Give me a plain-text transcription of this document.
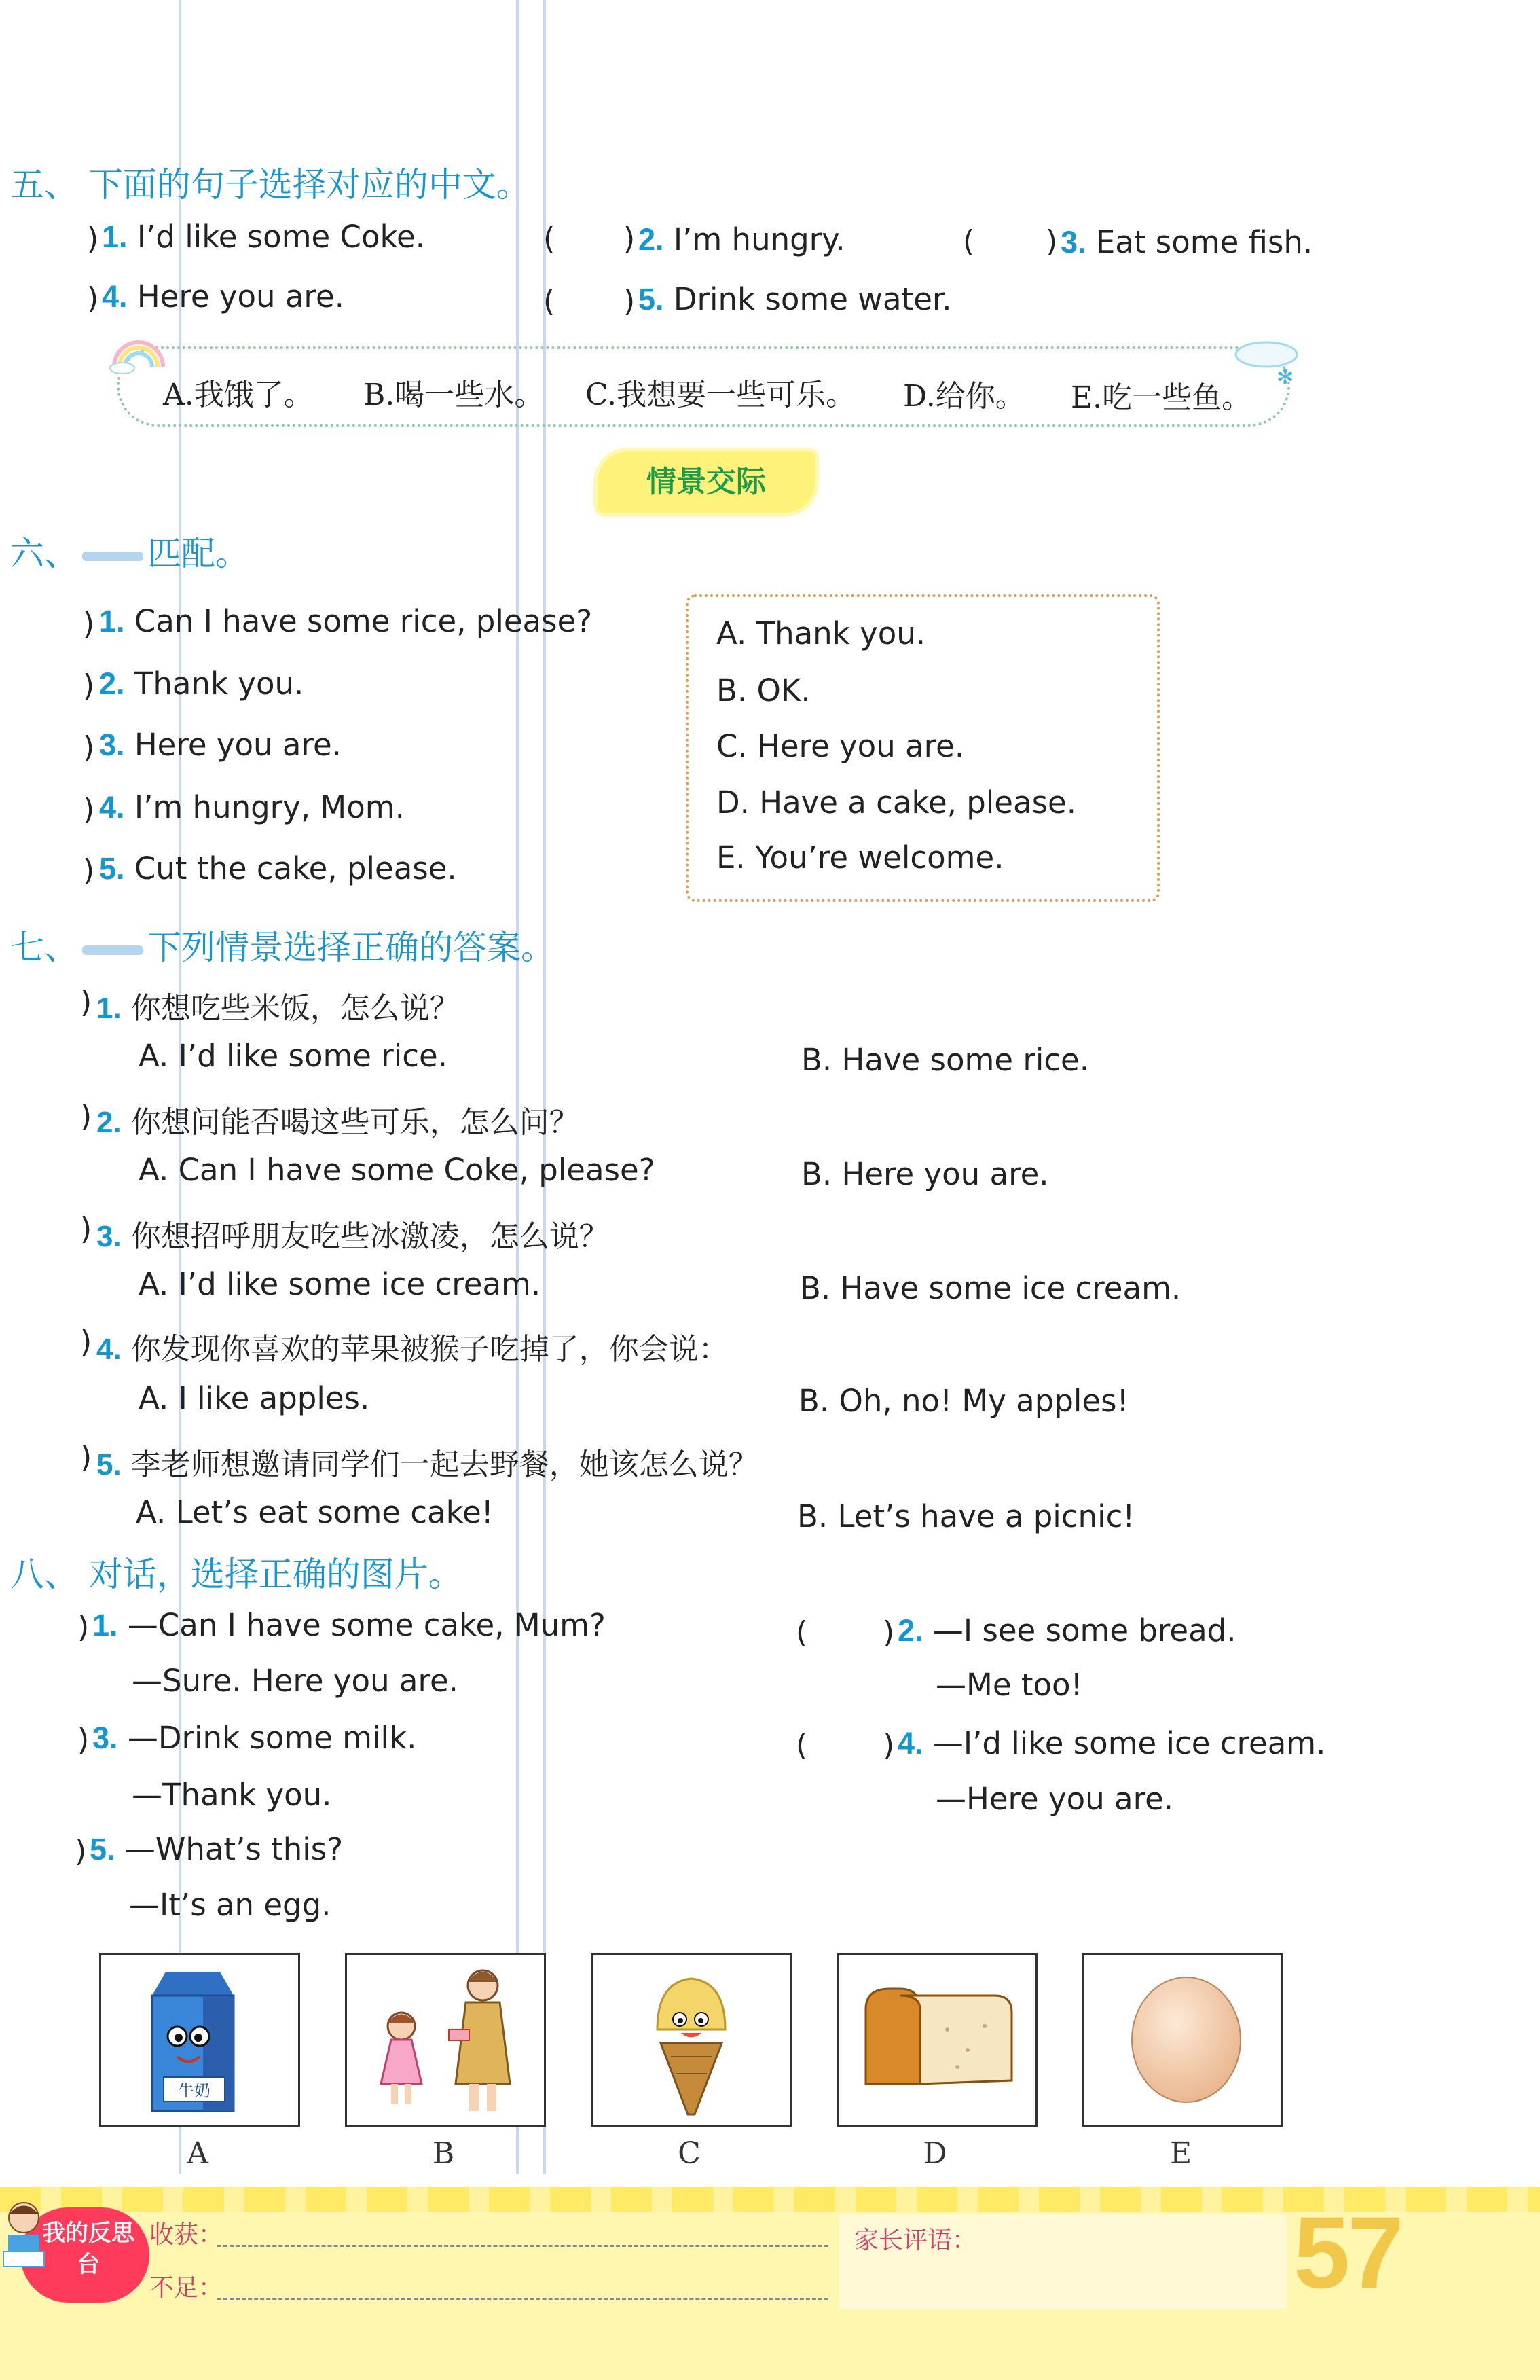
五、 下面的句子选择对应的中文。
) 1. I’d like some Coke.	( ) 2. I’m hungry.	( ) 3. Eat some fish.
) 4. Here you are.	( ) 5. Drink some water.
✻
A.我饿了。 B.喝一些水。 C.我想要一些可乐。 D.给你。 E.吃一些鱼。
情景交际
六、 匹配。
) 1. Can I have some rice, please?
) 2. Thank you.
) 3. Here you are.
) 4. I’m hungry, Mom.
) 5. Cut the cake, please.
A. Thank you.
B. OK.
C. Here you are.
D. Have a cake, please.
E. You’re welcome.
七、 下列情景选择正确的答案。
) 1. 你想吃些米饭，怎么说？
A. I’d like some rice.	B. Have some rice.
) 2. 你想问能否喝这些可乐，怎么问？
A. Can I have some Coke, please?	B. Here you are.
) 3. 你想招呼朋友吃些冰激凌，怎么说？
A. I’d like some ice cream.	B. Have some ice cream.
) 4. 你发现你喜欢的苹果被猴子吃掉了，你会说：
A. I like apples.	B. Oh, no! My apples!
) 5. 李老师想邀请同学们一起去野餐，她该怎么说？
A. Let’s eat some cake!	B. Let’s have a picnic!
八、 对话，选择正确的图片。
) 1. —Can I have some cake, Mum?
—Sure. Here you are.
(	) 2. —I see some bread.
—Me too!
) 3. —Drink some milk.
—Thank you.
(	) 4. —I’d like some ice cream.
—Here you are.
) 5. —What’s this?
—It’s an egg.
牛奶
A	B	C	D	E
我的反思台
收获：
不足：
家长评语：	57
